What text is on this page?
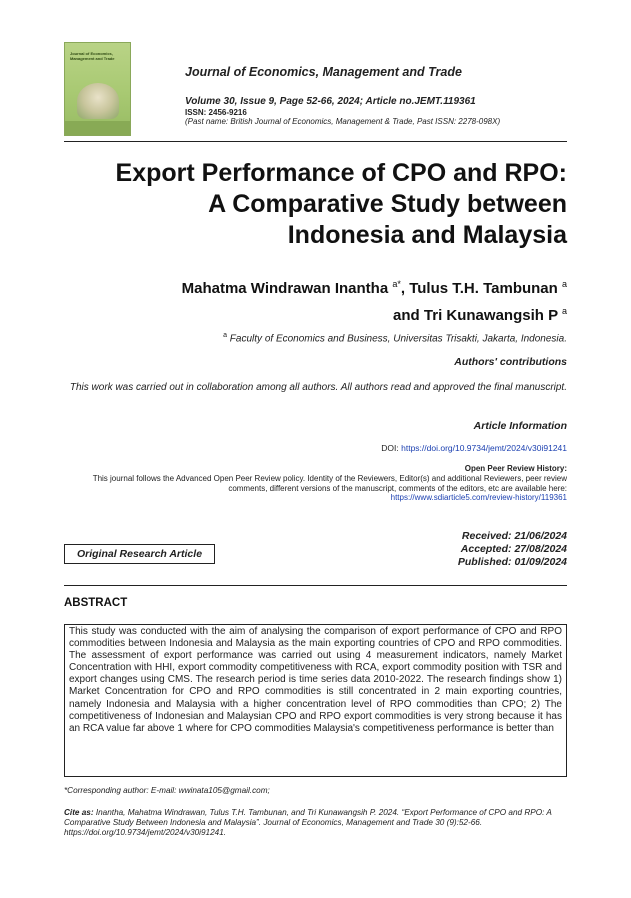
Journal of Economics, Management and Trade
Journal of Economics, Management and Trade
Volume 30, Issue 9, Page 52-66, 2024; Article no.JEMT.119361
ISSN: 2456-9216
(Past name: British Journal of Economics, Management & Trade, Past ISSN: 2278-098X)
Export Performance of CPO and RPO:
A Comparative Study between
Indonesia and Malaysia
Mahatma Windrawan Inantha $^{a*}$, Tulus T.H. Tambunan $^a$
and Tri Kunawangsih P $^a$
$^a$ Faculty of Economics and Business, Universitas Trisakti, Jakarta, Indonesia.
Authors' contributions
This work was carried out in collaboration among all authors. All authors read and approved the final manuscript.
Article Information
DOI: https://doi.org/10.9734/jemt/2024/v30i91241
Open Peer Review History:
This journal follows the Advanced Open Peer Review policy. Identity of the Reviewers, Editor(s) and additional Reviewers, peer review comments, different versions of the manuscript, comments of the editors, etc are available here:
https://www.sdiarticle5.com/review-history/119361
Received: 21/06/2024
Accepted: 27/08/2024
Published: 01/09/2024
Original Research Article
ABSTRACT

This study was conducted with the aim of analysing the comparison of export performance of CPO and RPO commodities between Indonesia and Malaysia as the main exporting countries of CPO and RPO commodities. The assessment of export performance was carried out using 4 measurement indicators, namely Market Concentration with HHI, export commodity competitiveness with RCA, export commodity position with TSR and export changes using CMS. The research period is time series data 2010-2022. The research findings show 1) Market Concentration for CPO and RPO commodities is still concentrated in 2 main exporting countries, namely Indonesia and Malaysia with a higher concentration level of RPO commodities than CPO; 2) The competitiveness of Indonesian and Malaysian CPO and RPO export commodities is very strong because it has an RCA value far above 1 where for CPO commodities Malaysia's competitiveness performance is better than

*Corresponding author: E-mail: wwinata105@gmail.com;
Cite as: Inantha, Mahatma Windrawan, Tulus T.H. Tambunan, and Tri Kunawangsih P. 2024. “Export Performance of CPO and RPO: A Comparative Study Between Indonesia and Malaysia”. Journal of Economics, Management and Trade 30 (9):52-66. https://doi.org/10.9734/jemt/2024/v30i91241.
